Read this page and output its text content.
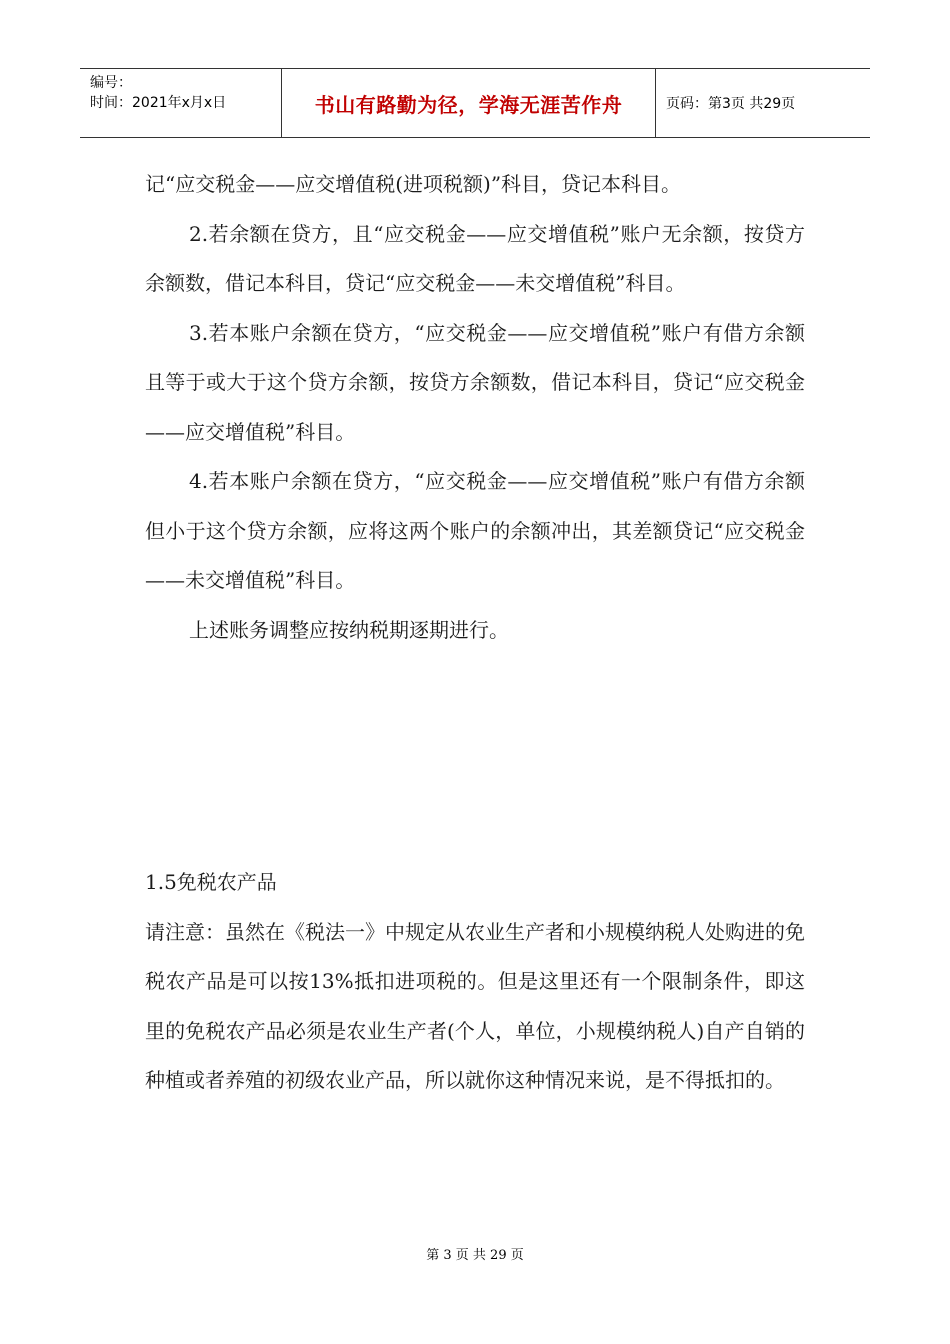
编号：
时间：2021年x月x日	书山有路勤为径，学海无涯苦作舟	页码：第3页 共29页

记“应交税金——应交增值税(进项税额)”科目，贷记本科目。

2.若余额在贷方，且“应交税金——应交增值税”账户无余额，按贷方余额数，借记本科目，贷记“应交税金——未交增值税”科目。

3.若本账户余额在贷方，“应交税金——应交增值税”账户有借方余额且等于或大于这个贷方余额，按贷方余额数，借记本科目，贷记“应交税金——应交增值税”科目。

4.若本账户余额在贷方，“应交税金——应交增值税”账户有借方余额但小于这个贷方余额，应将这两个账户的余额冲出，其差额贷记“应交税金——未交增值税”科目。

上述账务调整应按纳税期逐期进行。

1.5免税农产品

请注意：虽然在《税法一》中规定从农业生产者和小规模纳税人处购进的免税农产品是可以按13%抵扣进项税的。但是这里还有一个限制条件，即这里的免税农产品必须是农业生产者(个人，单位，小规模纳税人)自产自销的种植或者养殖的初级农业产品，所以就你这种情况来说，是不得抵扣的。

第 3 页 共 29 页
